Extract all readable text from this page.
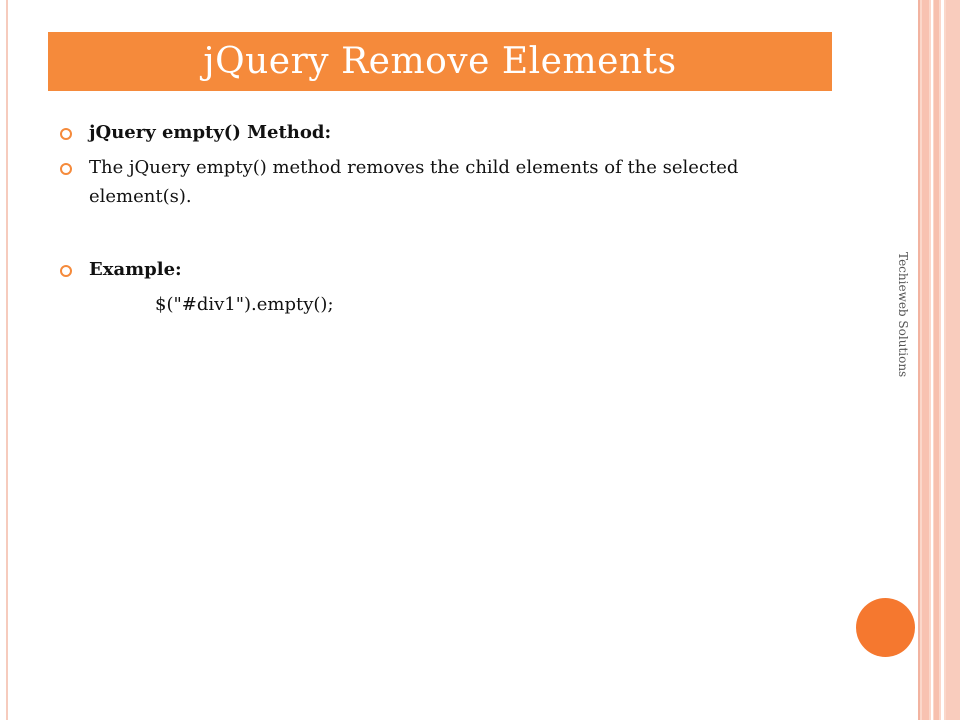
jQuery Remove Elements
jQuery empty() Method:
The jQuery empty() method removes the child elements of the selected element(s).
Example:
$("#div1").empty();	Techieweb Solutions
